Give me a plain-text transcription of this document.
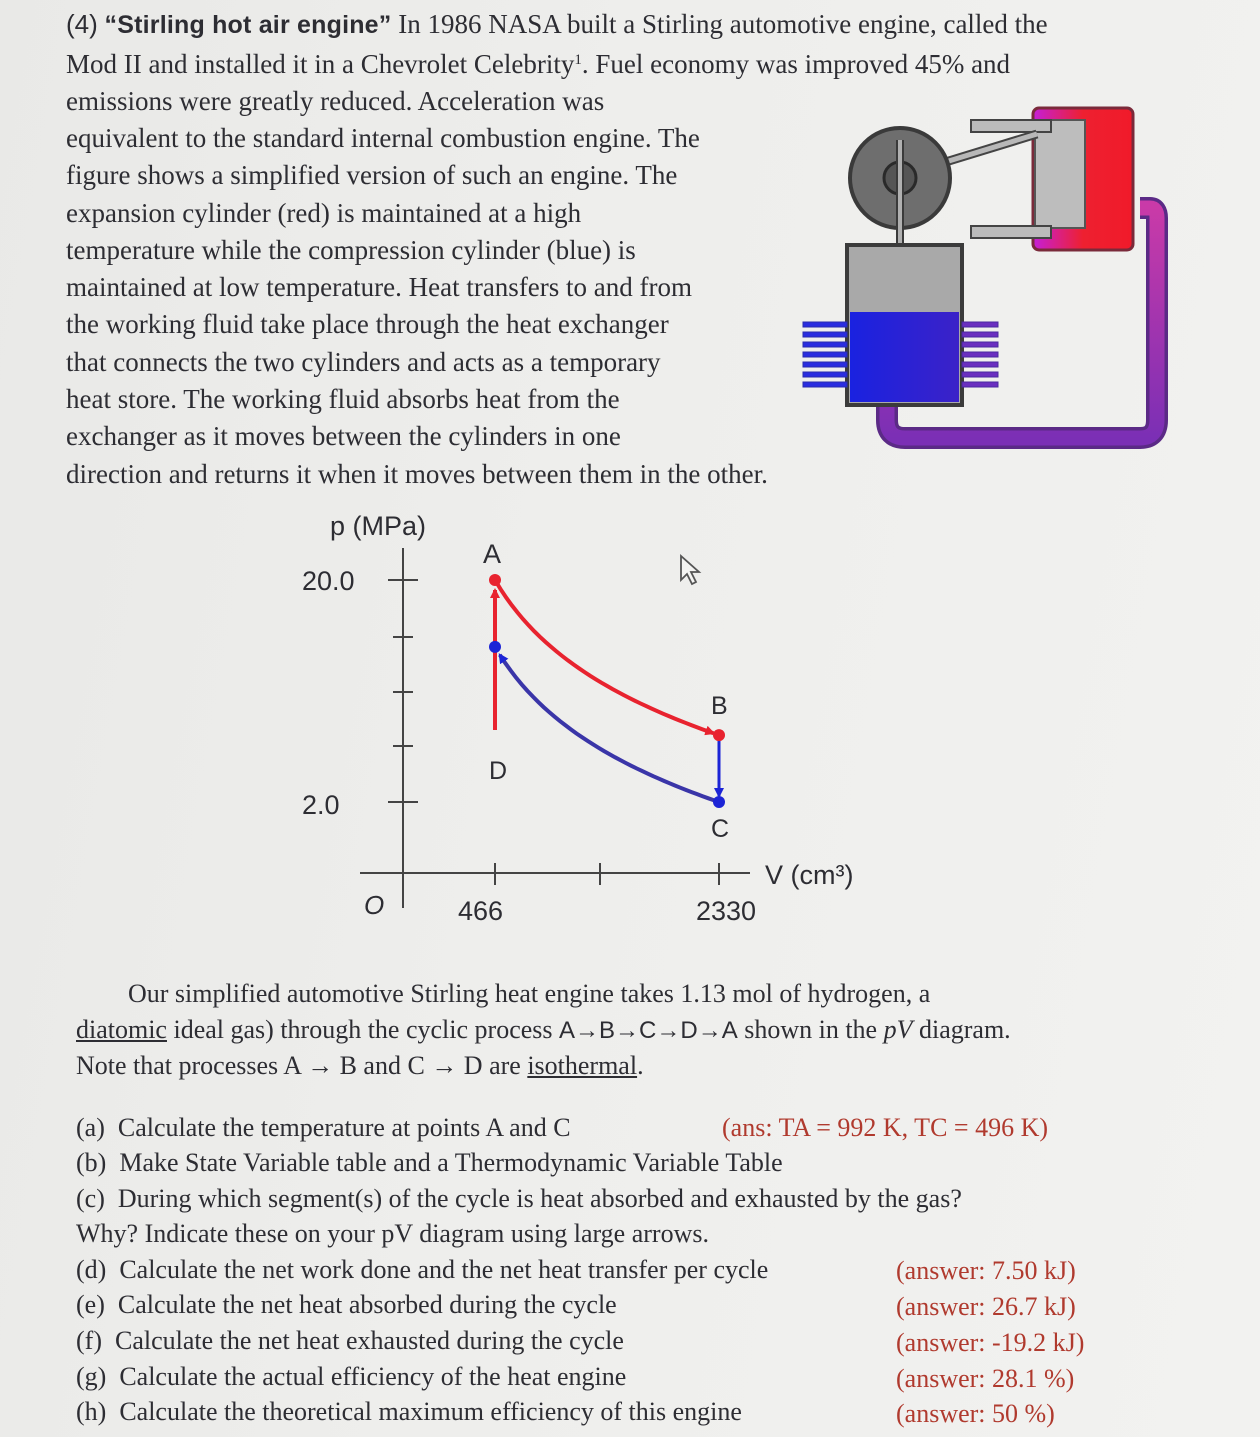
(4) “Stirling hot air engine” In 1986 NASA built a Stirling automotive engine, called the
Mod II and installed it in a Chevrolet Celebrity$^1$. Fuel economy was improved 45% and
emissions were greatly reduced. Acceleration was
equivalent to the standard internal combustion engine. The
figure shows a simplified version of such an engine. The
expansion cylinder (red) is maintained at a high
temperature while the compression cylinder (blue) is
maintained at low temperature. Heat transfers to and from
the working fluid take place through the heat exchanger
that connects the two cylinders and acts as a temporary
heat store. The working fluid absorbs heat from the
exchanger as it moves between the cylinders in one
direction and returns it when it moves between them in the other.
p (MPa)
20.0
2.0
O	466	2330
V (cm³)
A
B
C
D
Our simplified automotive Stirling heat engine takes 1.13 mol of hydrogen, a
diatomic ideal gas) through the cyclic process A→B→C→D→A shown in the pV diagram.
Note that processes A → B and C → D are isothermal.
(a) Calculate the temperature at points A and C	(ans: TA = 992 K, TC = 496 K)
(b) Make State Variable table and a Thermodynamic Variable Table
(c) During which segment(s) of the cycle is heat absorbed and exhausted by the gas?
Why? Indicate these on your pV diagram using large arrows.
(d) Calculate the net work done and the net heat transfer per cycle	(answer: 7.50 kJ)
(e) Calculate the net heat absorbed during the cycle	(answer: 26.7 kJ)
(f) Calculate the net heat exhausted during the cycle	(answer: -19.2 kJ)
(g) Calculate the actual efficiency of the heat engine	(answer: 28.1 %)
(h) Calculate the theoretical maximum efficiency of this engine	(answer: 50 %)
